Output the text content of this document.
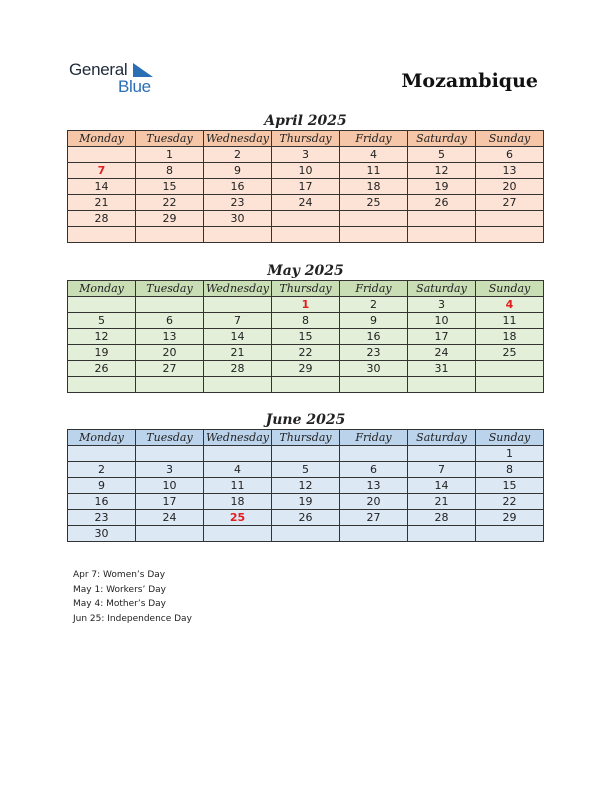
General
Blue	Mozambique
April 2025
Monday	Tuesday	Wednesday	Thursday	Friday	Saturday	Sunday
	1	2	3	4	5	6
7	8	9	10	11	12	13
14	15	16	17	18	19	20
21	22	23	24	25	26	27
28	29	30				

May 2025
Monday	Tuesday	Wednesday	Thursday	Friday	Saturday	Sunday
			1	2	3	4
5	6	7	8	9	10	11
12	13	14	15	16	17	18
19	20	21	22	23	24	25
26	27	28	29	30	31	

June 2025
Monday	Tuesday	Wednesday	Thursday	Friday	Saturday	Sunday
						1
2	3	4	5	6	7	8
9	10	11	12	13	14	15
16	17	18	19	20	21	22
23	24	25	26	27	28	29
30						
Apr 7: Women’s Day
May 1: Workers’ Day
May 4: Mother’s Day
Jun 25: Independence Day
